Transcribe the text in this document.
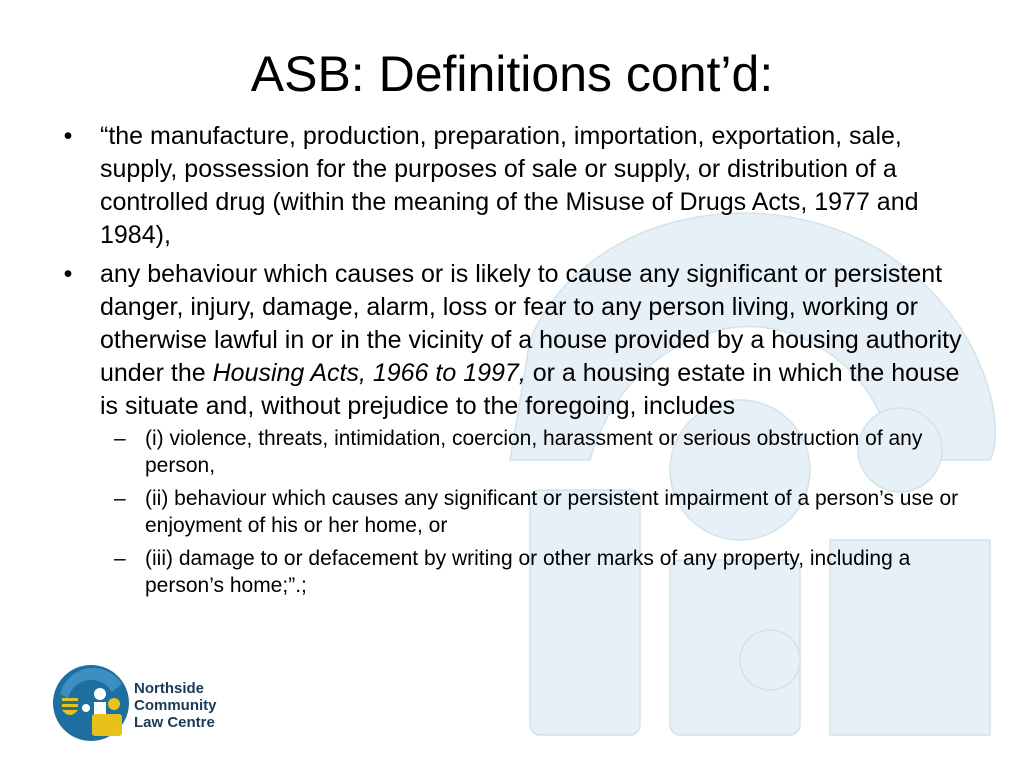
ASB: Definitions cont’d:
• “the manufacture, production, preparation, importation, exportation, sale, supply, possession for the purposes of sale or supply, or distribution of a controlled drug (within the meaning of the Misuse of Drugs Acts, 1977 and 1984),
• any behaviour which causes or is likely to cause any significant or persistent danger, injury, damage, alarm, loss or fear to any person living, working or otherwise lawful in or in the vicinity of a house provided by a housing authority under the Housing Acts, 1966 to 1997, or a housing estate in which the house is situate and, without prejudice to the foregoing, includes
– (i) violence, threats, intimidation, coercion, harassment or serious obstruction of any person,
– (ii) behaviour which causes any significant or persistent impairment of a person’s use or enjoyment of his or her home, or
– (iii) damage to or defacement by writing or other marks of any property, including a person’s home;”.;
Northside
Community
Law Centre
